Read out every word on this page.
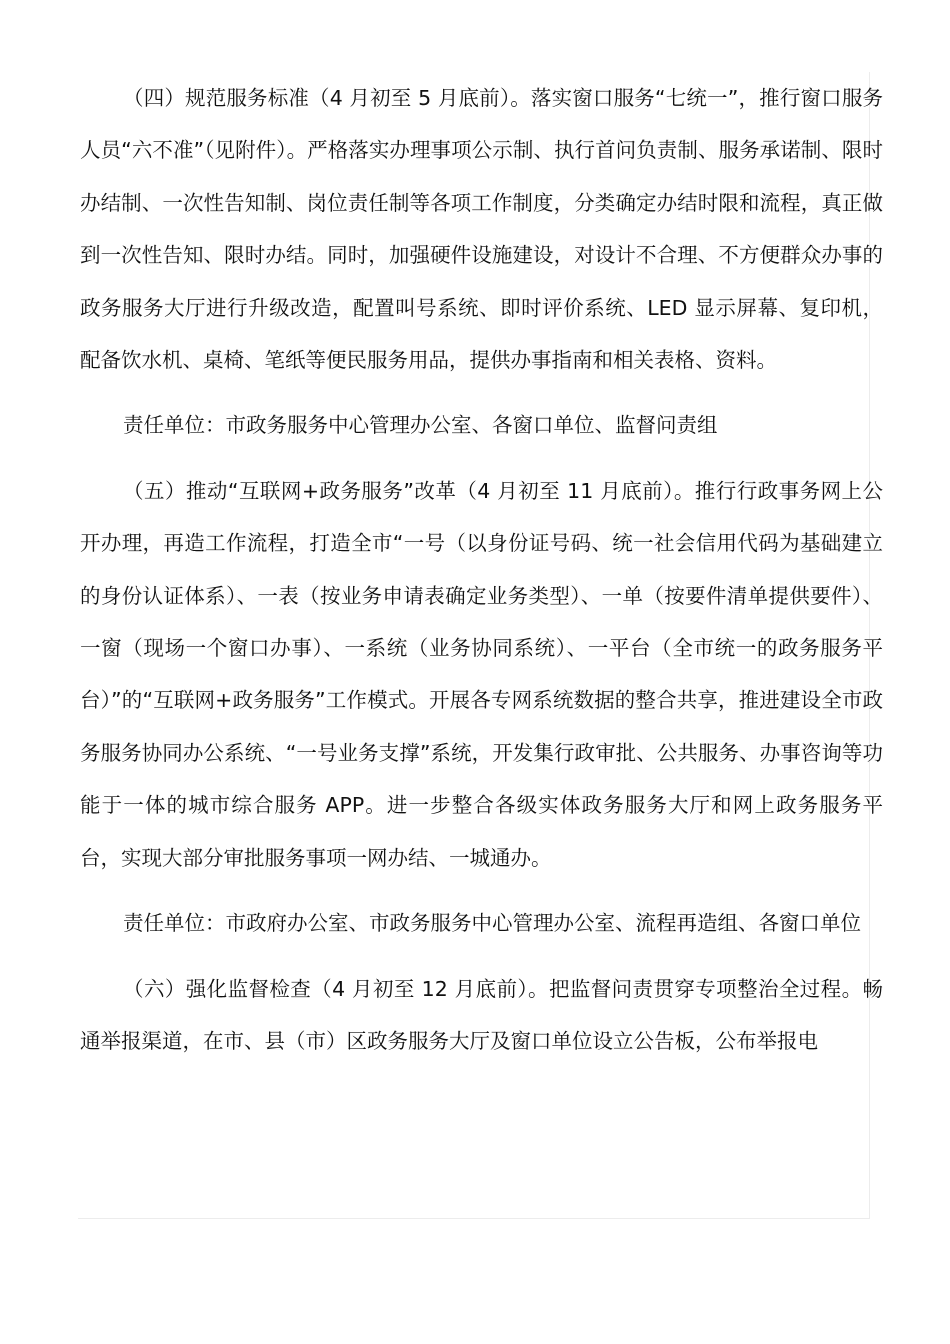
（四）规范服务标准（4 月初至 5 月底前）。落实窗口服务“七统一”，推行窗口服务人员“六不准”（见附件）。严格落实办理事项公示制、执行首问负责制、服务承诺制、限时办结制、一次性告知制、岗位责任制等各项工作制度，分类确定办结时限和流程，真正做到一次性告知、限时办结。同时，加强硬件设施建设，对设计不合理、不方便群众办事的政务服务大厅进行升级改造，配置叫号系统、即时评价系统、LED 显示屏幕、复印机，配备饮水机、桌椅、笔纸等便民服务用品，提供办事指南和相关表格、资料。

责任单位：市政务服务中心管理办公室、各窗口单位、监督问责组

（五）推动“互联网+政务服务”改革（4 月初至 11 月底前）。推行行政事务网上公开办理，再造工作流程，打造全市“一号（以身份证号码、统一社会信用代码为基础建立的身份认证体系）、一表（按业务申请表确定业务类型）、一单（按要件清单提供要件）、一窗（现场一个窗口办事）、一系统（业务协同系统）、一平台（全市统一的政务服务平台）”的“互联网+政务服务”工作模式。开展各专网系统数据的整合共享，推进建设全市政务服务协同办公系统、“一号业务支撑”系统，开发集行政审批、公共服务、办事咨询等功能于一体的城市综合服务 APP。进一步整合各级实体政务服务大厅和网上政务服务平台，实现大部分审批服务事项一网办结、一城通办。

责任单位：市政府办公室、市政务服务中心管理办公室、流程再造组、各窗口单位

（六）强化监督检查（4 月初至 12 月底前）。把监督问责贯穿专项整治全过程。畅通举报渠道，在市、县（市）区政务服务大厅及窗口单位设立公告板，公布举报电
